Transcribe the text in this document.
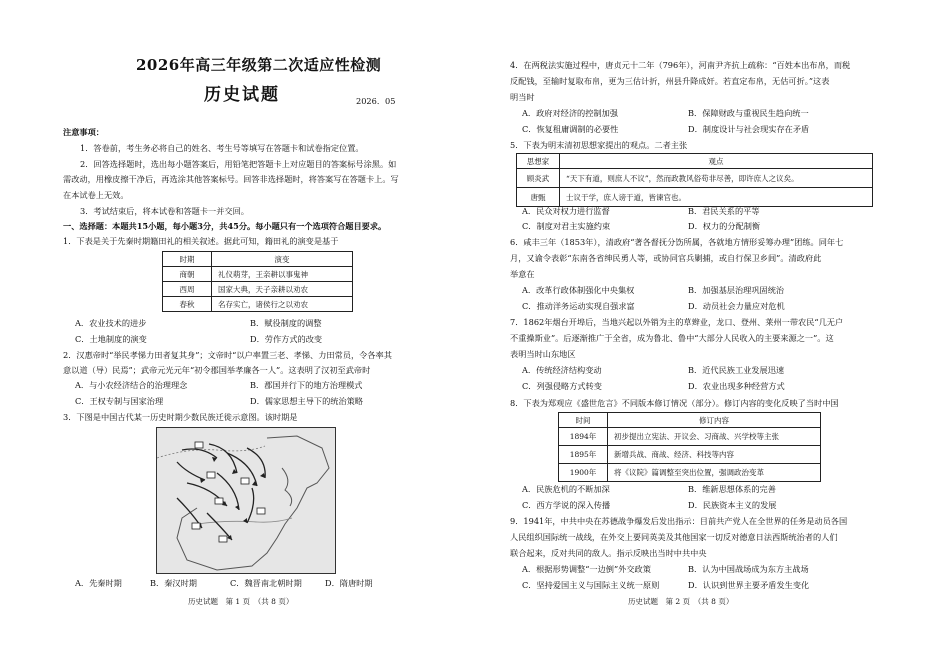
2026年高三年级第二次适应性检测
历史试题	2026．05
注意事项：
1．答卷前，考生务必将自己的姓名、考生号等填写在答题卡和试卷指定位置。
2．回答选择题时，选出每小题答案后，用铅笔把答题卡上对应题目的答案标号涂黑。如
需改动，用橡皮擦干净后，再选涂其他答案标号。回答非选择题时，将答案写在答题卡上。写
在本试卷上无效。
3．考试结束后，将本试卷和答题卡一并交回。
一、选择题：本题共15小题，每小题3分，共45分。每小题只有一个选项符合题目要求。
1．下表是关于先秦时期籍田礼的相关叙述。据此可知，籍田礼的演变是基于
时期	演变
商朝	礼仪萌芽，王亲耕以事鬼神
西周	国家大典，天子亲耕以劝农
春秋	名存实亡，诸侯行之以劝农
A．农业技术的进步	B．赋役制度的调整
C．土地制度的演变	D．劳作方式的改变
2．汉惠帝时“举民孝悌力田者复其身”；文帝时“以户率置三老、孝悌、力田常员，令各率其
意以道（导）民焉”；武帝元光元年“初令郡国举孝廉各一人”。这表明了汉初至武帝时
A．与小农经济结合的治理理念	B．郡国并行下的地方治理模式
C．王权专制与国家治理	D．儒家思想主导下的统治策略
3．下图是中国古代某一历史时期少数民族迁徙示意图。该时期是
A．先秦时期	B．秦汉时期	C．魏晋南北朝时期	D．隋唐时期
历史试题　第 1 页　（共 8 页）
4．在两税法实施过程中，唐贞元十二年（796年），河南尹齐抗上疏称：“百姓本出布帛，而税
反配钱，至输时复取布帛，更为三估计折，州县升降成奸。若直定布帛，无估可折。”这表
明当时
A．政府对经济的控制加强	B．保障财政与重视民生趋向统一
C．恢复租庸调制的必要性	D．制度设计与社会现实存在矛盾
5．下表为明末清初思想家提出的观点。二者主张
思想家	观点
顾炎武	“天下有道，则庶人不议”，然而政教风俗苟非尽善，即许庶人之议矣。
唐甄	士议于学，庶人谤于道，皆谏官也。
A．民众对权力进行监督	B．君民关系的平等
C．制度对君主实施约束	D．权力的分配制衡
6．咸丰三年（1853年），清政府“著各督抚分饬所属，各就地方情形妥筹办理”团练。同年七
月，又谕令表彰“东南各省绅民勇人等，或协同官兵剿捕，或自行保卫乡闾”。清政府此
举意在
A．改革行政体制强化中央集权	B．加强基层治理巩固统治
C．推动洋务运动实现自强求富	D．动员社会力量应对危机
7．1862年烟台开埠后，当地兴起以外销为主的草辫业，龙口、登州、莱州一带农民“几无户
不重操斯业”。后逐渐推广于全省，成为鲁北、鲁中“大部分人民收入的主要来源之一”。这
表明当时山东地区
A．传统经济结构变动	B．近代民族工业发展迅速
C．列强侵略方式转变	D．农业出现多种经营方式
8．下表为郑观应《盛世危言》不同版本修订情况（部分）。修订内容的变化反映了当时中国
时间	修订内容
1894年	初步提出立宪法、开议会、习商战、兴学校等主张
1895年	新增兵战、商战、经济、科技等内容
1900年	将《议院》篇调整至突出位置，强调政治变革
A．民族危机的不断加深	B．维新思想体系的完善
C．西方学说的深入传播	D．民族资本主义的发展
9．1941年，中共中央在苏德战争爆发后发出指示：目前共产党人在全世界的任务是动员各国
人民组织国际统一战线，在外交上要同英美及其他国家一切反对德意日法西斯统治者的人们
联合起来，反对共同的敌人。指示反映出当时中共中央
A．根据形势调整“一边倒”外交政策	B．认为中国战场成为东方主战场
C．坚持爱国主义与国际主义统一原则	D．认识到世界主要矛盾发生变化
历史试题　第 2 页　（共 8 页）
